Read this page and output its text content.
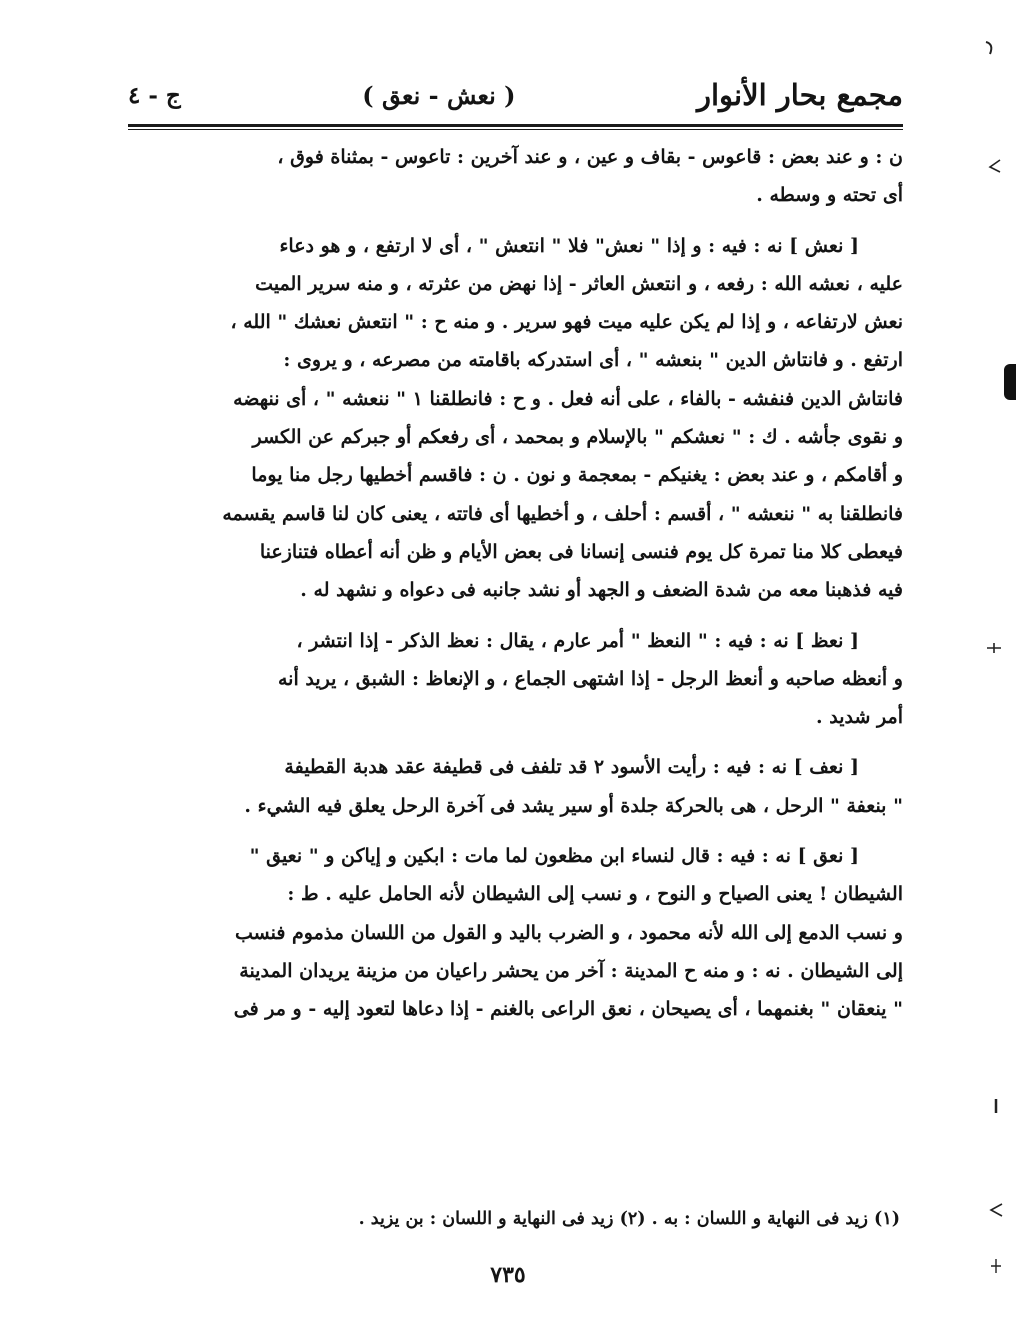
مجمع بحار الأنوار
( نعش - نعق )
ج - ٤
ن : و عند بعض : قاعوس - بقاف و عين ، و عند آخرين : تاعوس - بمثناة فوق ،
أى تحته و وسطه .
[ نعش ] نه : فيه : و إذا " نعش" فلا " انتعش " ، أى لا ارتفع ، و هو دعاء
عليه ، نعشه الله : رفعه ، و انتعش العاثر - إذا نهض من عثرته ، و منه سرير الميت
نعش لارتفاعه ، و إذا لم يكن عليه ميت فهو سرير . و منه ح : " انتعش نعشك " الله ،
ارتفع . و فانتاش الدين " بنعشه " ، أى استدركه باقامته من مصرعه ، و يروى :
فانتاش الدين فنفشه - بالفاء ، على أنه فعل . و ح : فانطلقنا ١ " ننعشه " ، أى ننهضه
و نقوى جأشه . ك : " نعشكم " بالإسلام و بمحمد ، أى رفعكم أو جبركم عن الكسر
و أقامكم ، و عند بعض : يغنيكم - بمعجمة و نون . ن : فاقسم أخطيها رجل منا يوما
فانطلقنا به " ننعشه " ، أقسم : أحلف ، و أخطيها أى فاتته ، يعنى كان لنا قاسم يقسمه
فيعطى كلا منا تمرة كل يوم فنسى إنسانا فى بعض الأيام و ظن أنه أعطاه فتنازعنا
فيه فذهبنا معه من شدة الضعف و الجهد أو نشد جانبه فى دعواه و نشهد له .
[ نعظ ] نه : فيه : " النعظ " أمر عارم ، يقال : نعظ الذكر - إذا انتشر ،
و أنعظه صاحبه و أنعظ الرجل - إذا اشتهى الجماع ، و الإنعاظ : الشبق ، يريد أنه
أمر شديد .
[ نعف ] نه : فيه : رأيت الأسود ٢ قد تلفف فى قطيفة عقد هدبة القطيفة
" بنعفة " الرحل ، هى بالحركة جلدة أو سير يشد فى آخرة الرحل يعلق فيه الشيء .
[ نعق ] نه : فيه : قال لنساء ابن مظعون لما مات : ابكين و إياكن و " نعيق "
الشيطان ! يعنى الصياح و النوح ، و نسب إلى الشيطان لأنه الحامل عليه . ط :
و نسب الدمع إلى الله لأنه محمود ، و الضرب باليد و القول من اللسان مذموم فنسب
إلى الشيطان . نه : و منه ح المدينة : آخر من يحشر راعيان من مزينة يريدان المدينة
" ينعقان " بغنمهما ، أى يصيحان ، نعق الراعى بالغنم - إذا دعاها لتعود إليه - و مر فى
(١) زيد فى النهاية و اللسان : به . (٢) زيد فى النهاية و اللسان : بن يزيد .
٧٣٥
